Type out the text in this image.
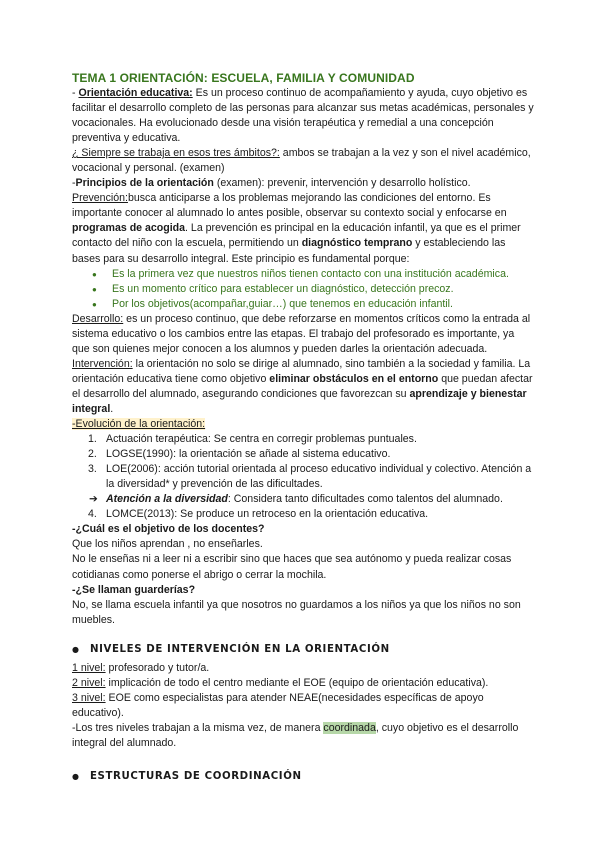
TEMA 1 ORIENTACIÓN: ESCUELA, FAMILIA Y COMUNIDAD

- Orientación educativa: Es un proceso continuo de acompañamiento y ayuda, cuyo objetivo es facilitar el desarrollo completo de las personas para alcanzar sus metas académicas, personales y vocacionales. Ha evolucionado desde una visión terapéutica y remedial a una concepción preventiva y educativa.

¿ Siempre se trabaja en esos tres ámbitos?: ambos se trabajan a la vez y son el nivel académico, vocacional y personal. (examen)

-Principios de la orientación (examen): prevenir, intervención y desarrollo holístico.

Prevención:busca anticiparse a los problemas mejorando las condiciones del entorno. Es importante conocer al alumnado lo antes posible, observar su contexto social y enfocarse en programas de acogida. La prevención es principal en la educación infantil, ya que es el primer contacto del niño con la escuela, permitiendo un diagnóstico temprano y estableciendo las bases para su desarrollo integral. Este principio es fundamental porque:

● Es la primera vez que nuestros niños tienen contacto con una institución académica.
● Es un momento crítico para establecer un diagnóstico, detección precoz.
● Por los objetivos(acompañar,guiar…) que tenemos en educación infantil.

Desarrollo: es un proceso continuo, que debe reforzarse en momentos críticos como la entrada al sistema educativo o los cambios entre las etapas. El trabajo del profesorado es importante, ya que son quienes mejor conocen a los alumnos y pueden darles la orientación adecuada.

Intervención: la orientación no solo se dirige al alumnado, sino también a la sociedad y familia. La orientación educativa tiene como objetivo eliminar obstáculos en el entorno que puedan afectar el desarrollo del alumnado, asegurando condiciones que favorezcan su aprendizaje y bienestar integral.

-Evolución de la orientación:

1. Actuación terapéutica: Se centra en corregir problemas puntuales.
2. LOGSE(1990): la orientación se añade al sistema educativo.
3. LOE(2006): acción tutorial orientada al proceso educativo individual y colectivo. Atención a la diversidad* y prevención de las dificultades.
➔ Atención a la diversidad: Considera tanto dificultades como talentos del alumnado.
4. LOMCE(2013): Se produce un retroceso en la orientación educativa.

-¿Cuál es el objetivo de los docentes?

Que los niños aprendan , no enseñarles.

No le enseñas ni a leer ni a escribir sino que haces que sea autónomo y pueda realizar cosas cotidianas como ponerse el abrigo o cerrar la mochila.

-¿Se llaman guarderías?

No, se llama escuela infantil ya que nosotros no guardamos a los niños ya que los niños no son muebles.

● NIVELES DE INTERVENCIÓN EN LA ORIENTACIÓN

1 nivel: profesorado y tutor/a.

2 nivel: implicación de todo el centro mediante el EOE (equipo de orientación educativa).

3 nivel: EOE como especialistas para atender NEAE(necesidades específicas de apoyo educativo).

-Los tres niveles trabajan a la misma vez, de manera coordinada, cuyo objetivo es el desarrollo integral del alumnado.

● ESTRUCTURAS DE COORDINACIÓN
